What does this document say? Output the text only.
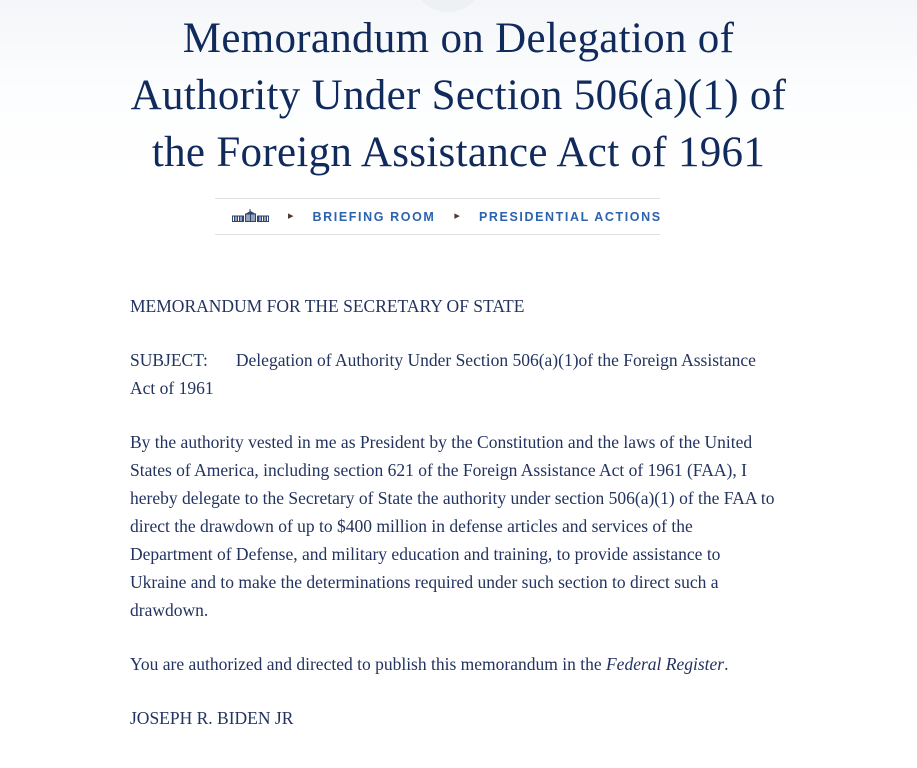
Memorandum on Delegation of
Authority Under Section 506(a)(1) of
the Foreign Assistance Act of 1961
▸ BRIEFING ROOM ▸ PRESIDENTIAL ACTIONS

MEMORANDUM FOR THE SECRETARY OF STATE

SUBJECT: Delegation of Authority Under Section 506(a)(1)of the Foreign Assistance Act of 1961

By the authority vested in me as President by the Constitution and the laws of the United States of America, including section 621 of the Foreign Assistance Act of 1961 (FAA), I hereby delegate to the Secretary of State the authority under section 506(a)(1) of the FAA to direct the drawdown of up to $400 million in defense articles and services of the Department of Defense, and military education and training, to provide assistance to Ukraine and to make the determinations required under such section to direct such a drawdown.

You are authorized and directed to publish this memorandum in the Federal Register.

JOSEPH R. BIDEN JR
